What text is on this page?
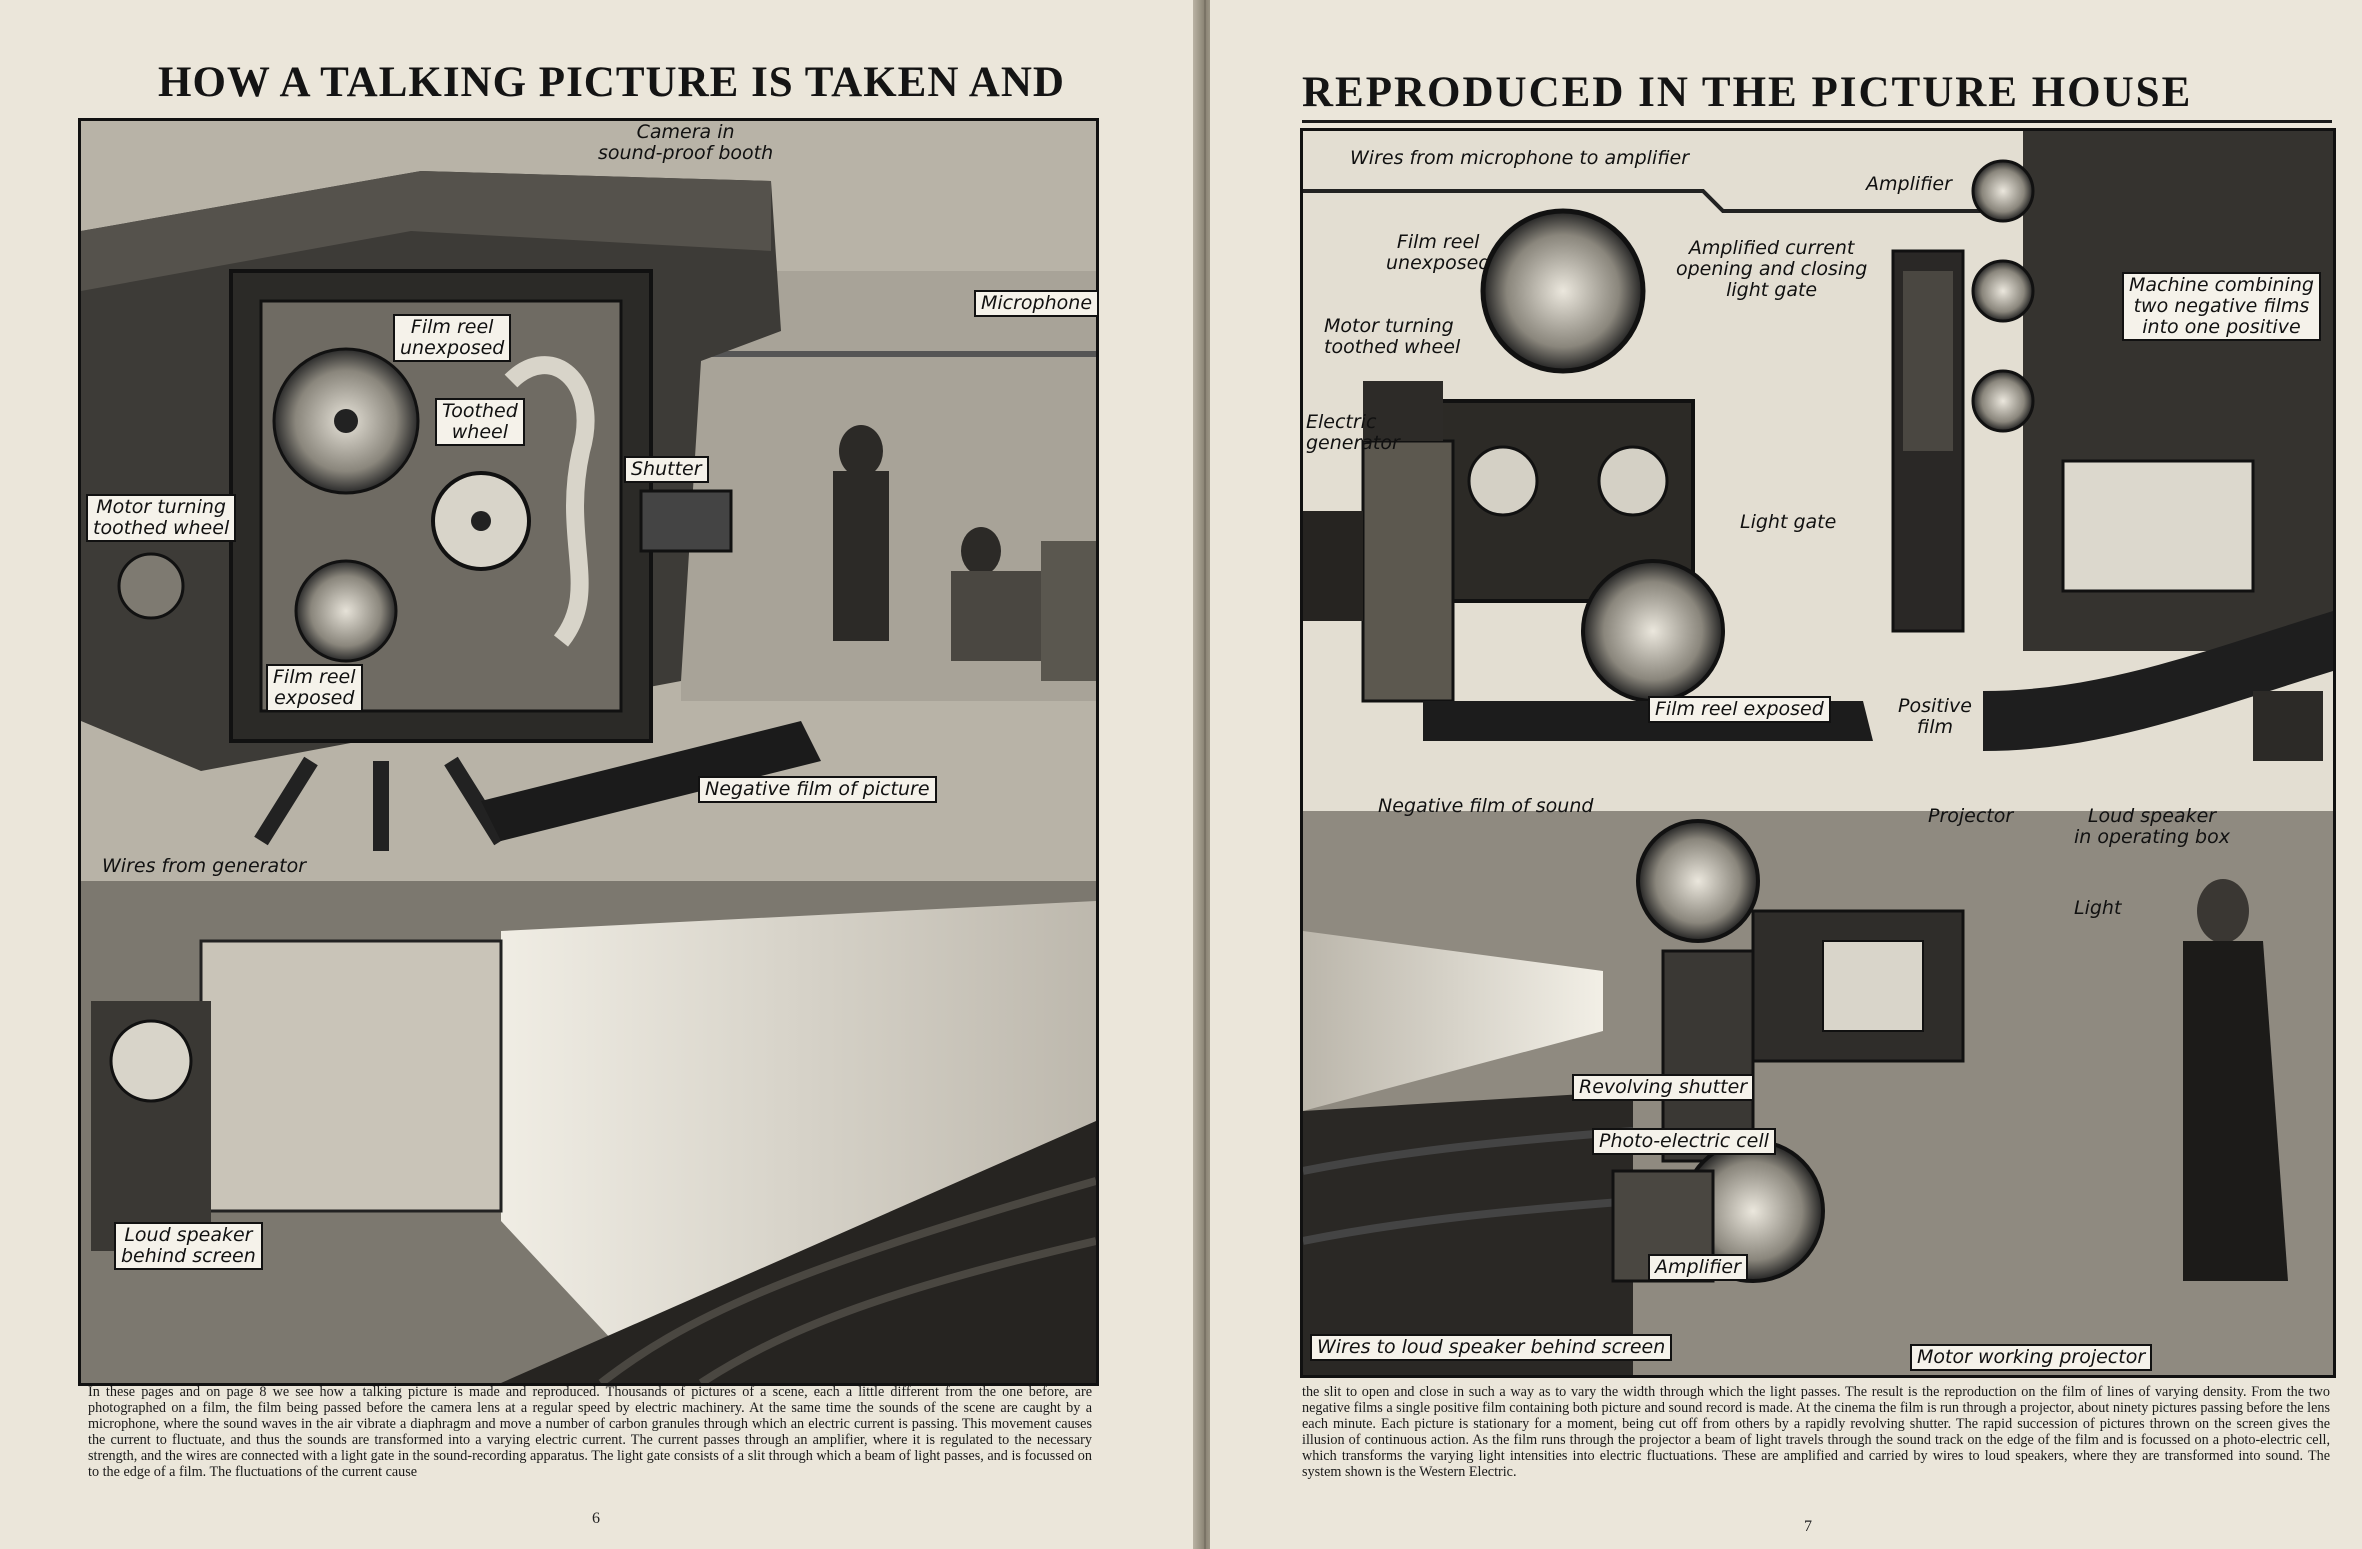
HOW A TALKING PICTURE IS TAKEN AND
Camera in
sound-proof booth
Microphone
Film reel
unexposed
Toothed
wheel
Shutter
Motor turning
toothed wheel
Film reel
exposed
Negative film of picture
Wires from generator
Loud speaker
behind screen
In these pages and on page 8 we see how a talking picture is made and reproduced. Thousands of pictures of a scene, each a little different from the one before, are photographed on a film, the film being passed before the camera lens at a regular speed by electric machinery. At the same time the sounds of the scene are caught by a microphone, where the sound waves in the air vibrate a diaphragm and move a number of carbon granules through which an electric current is passing. This movement causes the current to fluctuate, and thus the sounds are transformed into a varying electric current. The current passes through an amplifier, where it is regulated to the necessary strength, and the wires are connected with a light gate in the sound-recording apparatus. The light gate consists of a slit through which a beam of light passes, and is focussed on to the edge of a film. The fluctuations of the current cause
6
REPRODUCED IN THE PICTURE HOUSE
Wires from microphone to amplifier
Amplifier
Film reel
unexposed
Amplified current
opening and closing
light gate	Machine combining
two negative films
into one positive
Motor turning
toothed wheel
Electric
generator
Light gate
Film reel exposed	Positive
film
Negative film of sound	Projector	Loud speaker
in operating box
Light
Revolving shutter
Photo-electric cell
Amplifier
Wires to loud speaker behind screen	Motor working projector
the slit to open and close in such a way as to vary the width through which the light passes. The result is the reproduction on the film of lines of varying density. From the two negative films a single positive film containing both picture and sound record is made. At the cinema the film is run through a projector, about ninety pictures passing before the lens each minute. Each picture is stationary for a moment, being cut off from others by a rapidly revolving shutter. The rapid succession of pictures thrown on the screen gives the illusion of continuous action. As the film runs through the projector a beam of light travels through the sound track on the edge of the film and is focussed on a photo-electric cell, which transforms the varying light intensities into electric fluctuations. These are amplified and carried by wires to loud speakers, where they are transformed into sound. The system shown is the Western Electric.
7
